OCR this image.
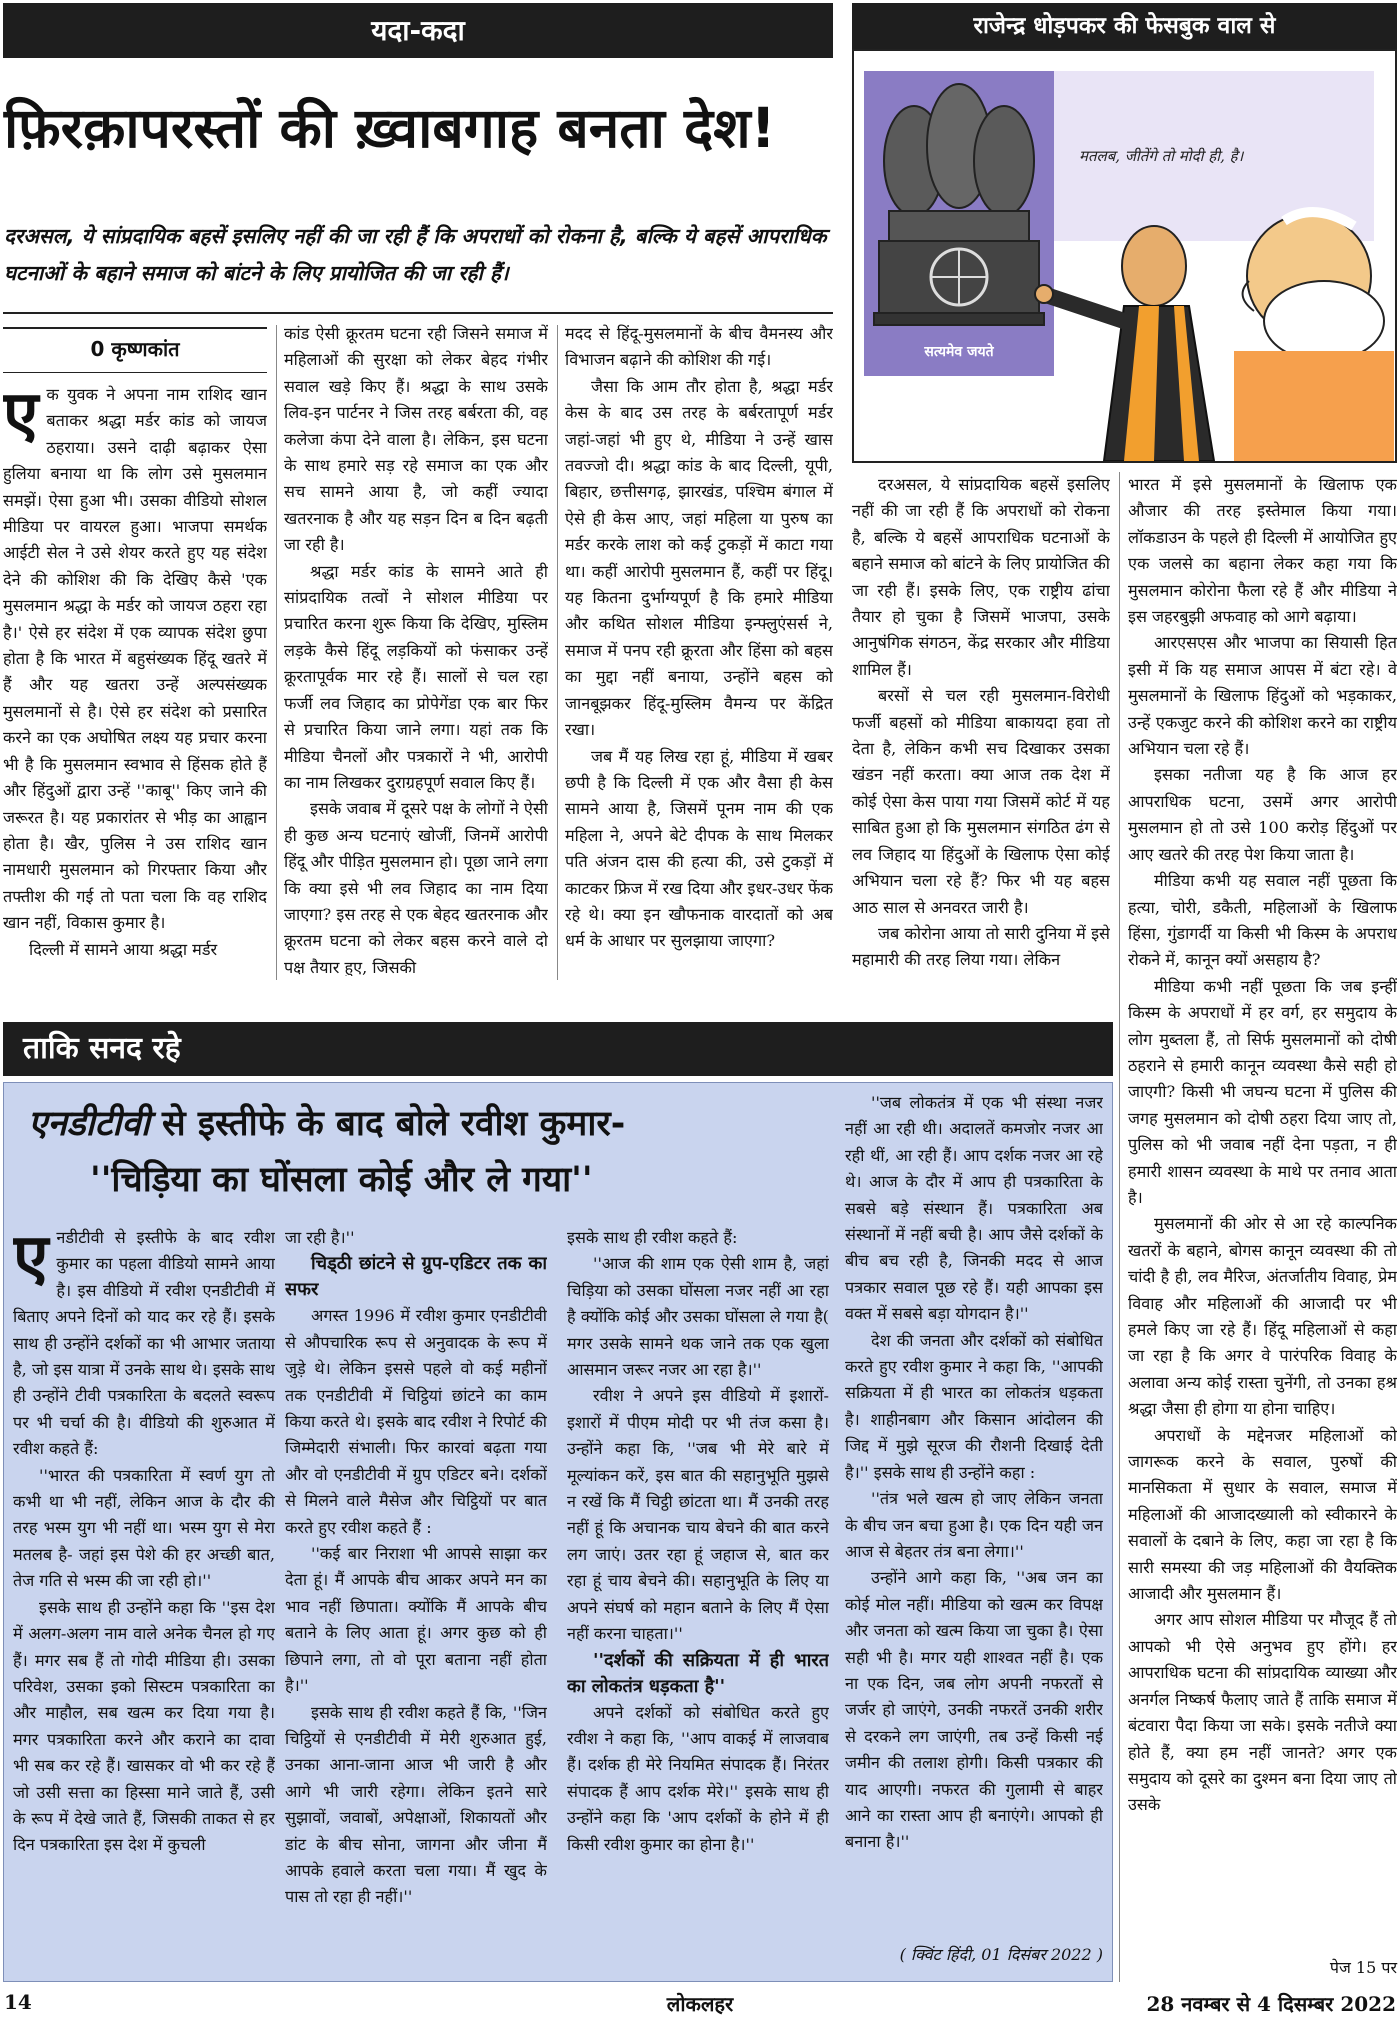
यदा-कदा
फ़िरक़ापरस्तों की ख़्वाबगाह बनता देश!
दरअसल, ये सांप्रदायिक बहसें इसलिए नहीं की जा रही हैं कि अपराधों को रोकना है, बल्कि ये बहसें आपराधिक घटनाओं के बहाने समाज को बांटने के लिए प्रायोजित की जा रही हैं।
0 कृष्णकांत

एक युवक ने अपना नाम राशिद खान बताकर श्रद्धा मर्डर कांड को जायज ठहराया। उसने दाढ़ी बढ़ाकर ऐसा हुलिया बनाया था कि लोग उसे मुसलमान समझें। ऐसा हुआ भी। उसका वीडियो सोशल मीडिया पर वायरल हुआ। भाजपा समर्थक आईटी सेल ने उसे शेयर करते हुए यह संदेश देने की कोशिश की कि देखिए कैसे 'एक मुसलमान श्रद्धा के मर्डर को जायज ठहरा रहा है।' ऐसे हर संदेश में एक व्यापक संदेश छुपा होता है कि भारत में बहुसंख्यक हिंदू खतरे में हैं और यह खतरा उन्हें अल्पसंख्यक मुसलमानों से है। ऐसे हर संदेश को प्रसारित करने का एक अघोषित लक्ष्य यह प्रचार करना भी है कि मुसलमान स्वभाव से हिंसक होते हैं और हिंदुओं द्वारा उन्हें ''काबू'' किए जाने की जरूरत है। यह प्रकारांतर से भीड़ का आह्वान होता है। खैर, पुलिस ने उस राशिद खान नामधारी मुसलमान को गिरफ्तार किया और तफ्तीश की गई तो पता चला कि वह राशिद खान नहीं, विकास कुमार है।

दिल्ली में सामने आया श्रद्धा मर्डर

कांड ऐसी क्रूरतम घटना रही जिसने समाज में महिलाओं की सुरक्षा को लेकर बेहद गंभीर सवाल खड़े किए हैं। श्रद्धा के साथ उसके लिव-इन पार्टनर ने जिस तरह बर्बरता की, वह कलेजा कंपा देने वाला है। लेकिन, इस घटना के साथ हमारे सड़ रहे समाज का एक और सच सामने आया है, जो कहीं ज्यादा खतरनाक है और यह सड़न दिन ब दिन बढ़ती जा रही है।

श्रद्धा मर्डर कांड के सामने आते ही सांप्रदायिक तत्वों ने सोशल मीडिया पर प्रचारित करना शुरू किया कि देखिए, मुस्लिम लड़के कैसे हिंदू लड़कियों को फंसाकर उन्हें क्रूरतापूर्वक मार रहे हैं। सालों से चल रहा फर्जी लव जिहाद का प्रोपेगेंडा एक बार फिर से प्रचारित किया जाने लगा। यहां तक कि मीडिया चैनलों और पत्रकारों ने भी, आरोपी का नाम लिखकर दुराग्रहपूर्ण सवाल किए हैं।

इसके जवाब में दूसरे पक्ष के लोगों ने ऐसी ही कुछ अन्य घटनाएं खोजीं, जिनमें आरोपी हिंदू और पीड़ित मुसलमान हो। पूछा जाने लगा कि क्या इसे भी लव जिहाद का नाम दिया जाएगा? इस तरह से एक बेहद खतरनाक और क्रूरतम घटना को लेकर बहस करने वाले दो पक्ष तैयार हुए, जिसकी

मदद से हिंदू-मुसलमानों के बीच वैमनस्य और विभाजन बढ़ाने की कोशिश की गई।

जैसा कि आम तौर होता है, श्रद्धा मर्डर केस के बाद उस तरह के बर्बरतापूर्ण मर्डर जहां-जहां भी हुए थे, मीडिया ने उन्हें खास तवज्जो दी। श्रद्धा कांड के बाद दिल्ली, यूपी, बिहार, छत्तीसगढ़, झारखंड, पश्चिम बंगाल में ऐसे ही केस आए, जहां महिला या पुरुष का मर्डर करके लाश को कई टुकड़ों में काटा गया था। कहीं आरोपी मुसलमान हैं, कहीं पर हिंदू। यह कितना दुर्भाग्यपूर्ण है कि हमारे मीडिया और कथित सोशल मीडिया इन्फ्लुएंसर्स ने, समाज में पनप रही क्रूरता और हिंसा को बहस का मुद्दा नहीं बनाया, उन्होंने बहस को जानबूझकर हिंदू-मुस्लिम वैमन्य पर केंद्रित रखा।

जब मैं यह लिख रहा हूं, मीडिया में खबर छपी है कि दिल्ली में एक और वैसा ही केस सामने आया है, जिसमें पूनम नाम की एक महिला ने, अपने बेटे दीपक के साथ मिलकर पति अंजन दास की हत्या की, उसे टुकड़ों में काटकर फ्रिज में रख दिया और इधर-उधर फेंक रहे थे। क्या इन खौफनाक वारदातों को अब धर्म के आधार पर सुलझाया जाएगा?

राजेन्द्र धोड़पकर की फेसबुक वाल से
मतलब, जीतेंगे तो मोदी ही, है।
सत्यमेव जयते

दरअसल, ये सांप्रदायिक बहसें इसलिए नहीं की जा रही हैं कि अपराधों को रोकना है, बल्कि ये बहसें आपराधिक घटनाओं के बहाने समाज को बांटने के लिए प्रायोजित की जा रही हैं। इसके लिए, एक राष्ट्रीय ढांचा तैयार हो चुका है जिसमें भाजपा, उसके आनुषंगिक संगठन, केंद्र सरकार और मीडिया शामिल हैं।

बरसों से चल रही मुसलमान-विरोधी फर्जी बहसों को मीडिया बाकायदा हवा तो देता है, लेकिन कभी सच दिखाकर उसका खंडन नहीं करता। क्या आज तक देश में कोई ऐसा केस पाया गया जिसमें कोर्ट में यह साबित हुआ हो कि मुसलमान संगठित ढंग से लव जिहाद या हिंदुओं के खिलाफ ऐसा कोई अभियान चला रहे हैं? फिर भी यह बहस आठ साल से अनवरत जारी है।

जब कोरोना आया तो सारी दुनिया में इसे महामारी की तरह लिया गया। लेकिन

भारत में इसे मुसलमानों के खिलाफ एक औजार की तरह इस्तेमाल किया गया। लॉकडाउन के पहले ही दिल्ली में आयोजित हुए एक जलसे का बहाना लेकर कहा गया कि मुसलमान कोरोना फैला रहे हैं और मीडिया ने इस जहरबुझी अफवाह को आगे बढ़ाया।

आरएसएस और भाजपा का सियासी हित इसी में कि यह समाज आपस में बंटा रहे। वे मुसलमानों के खिलाफ हिंदुओं को भड़काकर, उन्हें एकजुट करने की कोशिश करने का राष्ट्रीय अभियान चला रहे हैं।

इसका नतीजा यह है कि आज हर आपराधिक घटना, उसमें अगर आरोपी मुसलमान हो तो उसे 100 करोड़ हिंदुओं पर आए खतरे की तरह पेश किया जाता है।

मीडिया कभी यह सवाल नहीं पूछता कि हत्या, चोरी, डकैती, महिलाओं के खिलाफ हिंसा, गुंडागर्दी या किसी भी किस्म के अपराध रोकने में, कानून क्यों असहाय है?

मीडिया कभी नहीं पूछता कि जब इन्हीं किस्म के अपराधों में हर वर्ग, हर समुदाय के लोग मुब्तला हैं, तो सिर्फ मुसलमानों को दोषी ठहराने से हमारी कानून व्यवस्था कैसे सही हो जाएगी? किसी भी जघन्य घटना में पुलिस की जगह मुसलमान को दोषी ठहरा दिया जाए तो, पुलिस को भी जवाब नहीं देना पड़ता, न ही हमारी शासन व्यवस्था के माथे पर तनाव आता है।

मुसलमानों की ओर से आ रहे काल्पनिक खतरों के बहाने, बोगस कानून व्यवस्था की तो चांदी है ही, लव मैरिज, अंतर्जातीय विवाह, प्रेम विवाह और महिलाओं की आजादी पर भी हमले किए जा रहे हैं। हिंदू महिलाओं से कहा जा रहा है कि अगर वे पारंपरिक विवाह के अलावा अन्य कोई रास्ता चुनेंगी, तो उनका हश्र श्रद्धा जैसा ही होगा या होना चाहिए।

अपराधों के मद्देनजर महिलाओं को जागरूक करने के सवाल, पुरुषों की मानसिकता में सुधार के सवाल, समाज में महिलाओं की आजादख्याली को स्वीकारने के सवालों के दबाने के लिए, कहा जा रहा है कि सारी समस्या की जड़ महिलाओं की वैयक्तिक आजादी और मुसलमान हैं।

अगर आप सोशल मीडिया पर मौजूद हैं तो आपको भी ऐसे अनुभव हुए होंगे। हर आपराधिक घटना की सांप्रदायिक व्याख्या और अनर्गल निष्कर्ष फैलाए जाते हैं ताकि समाज में बंटवारा पैदा किया जा सके। इसके नतीजे क्या होते हैं, क्या हम नहीं जानते? अगर एक समुदाय को दूसरे का दुश्मन बना दिया जाए तो उसके

पेज 15 पर
ताकि सनद रहे
एनडीटीवी से इस्तीफे के बाद बोले रवीश कुमार-
''चिड़िया का घोंसला कोई और ले गया''

एनडीटीवी से इस्तीफे के बाद रवीश कुमार का पहला वीडियो सामने आया है। इस वीडियो में रवीश एनडीटीवी में बिताए अपने दिनों को याद कर रहे हैं। इसके साथ ही उन्होंने दर्शकों का भी आभार जताया है, जो इस यात्रा में उनके साथ थे। इसके साथ ही उन्होंने टीवी पत्रकारिता के बदलते स्वरूप पर भी चर्चा की है। वीडियो की शुरुआत में रवीश कहते हैं:

''भारत की पत्रकारिता में स्वर्ण युग तो कभी था भी नहीं, लेकिन आज के दौर की तरह भस्म युग भी नहीं था। भस्म युग से मेरा मतलब है- जहां इस पेशे की हर अच्छी बात, तेज गति से भस्म की जा रही हो।''

इसके साथ ही उन्होंने कहा कि ''इस देश में अलग-अलग नाम वाले अनेक चैनल हो गए हैं। मगर सब हैं तो गोदी मीडिया ही। उसका परिवेश, उसका इको सिस्टम पत्रकारिता का और माहौल, सब खत्म कर दिया गया है। मगर पत्रकारिता करने और कराने का दावा भी सब कर रहे हैं। खासकर वो भी कर रहे हैं जो उसी सत्ता का हिस्सा माने जाते हैं, उसी के रूप में देखे जाते हैं, जिसकी ताकत से हर दिन पत्रकारिता इस देश में कुचली

जा रही है।''

चिड्ठी छांटने से ग्रुप-एडिटर तक का सफर

अगस्त 1996 में रवीश कुमार एनडीटीवी से औपचारिक रूप से अनुवादक के रूप में जुड़े थे। लेकिन इससे पहले वो कई महीनों तक एनडीटीवी में चिट्ठियां छांटने का काम किया करते थे। इसके बाद रवीश ने रिपोर्ट की जिम्मेदारी संभाली। फिर कारवां बढ़ता गया और वो एनडीटीवी में ग्रुप एडिटर बने। दर्शकों से मिलने वाले मैसेज और चिट्ठियों पर बात करते हुए रवीश कहते हैं :

''कई बार निराशा भी आपसे साझा कर देता हूं। मैं आपके बीच आकर अपने मन का भाव नहीं छिपाता। क्योंकि मैं आपके बीच बताने के लिए आता हूं। अगर कुछ को ही छिपाने लगा, तो वो पूरा बताना नहीं होता है।''

इसके साथ ही रवीश कहते हैं कि, ''जिन चिट्ठियों से एनडीटीवी में मेरी शुरुआत हुई, उनका आना-जाना आज भी जारी है और आगे भी जारी रहेगा। लेकिन इतने सारे सुझावों, जवाबों, अपेक्षाओं, शिकायतों और डांट के बीच सोना, जागना और जीना मैं आपके हवाले करता चला गया। मैं खुद के पास तो रहा ही नहीं।''

इसके साथ ही रवीश कहते हैं:

''आज की शाम एक ऐसी शाम है, जहां चिड़िया को उसका घोंसला नजर नहीं आ रहा है क्योंकि कोई और उसका घोंसला ले गया है( मगर उसके सामने थक जाने तक एक खुला आसमान जरूर नजर आ रहा है।''

रवीश ने अपने इस वीडियो में इशारों-इशारों में पीएम मोदी पर भी तंज कसा है। उन्होंने कहा कि, ''जब भी मेरे बारे में मूल्यांकन करें, इस बात की सहानुभूति मुझसे न रखें कि मैं चिट्ठी छांटता था। मैं उनकी तरह नहीं हूं कि अचानक चाय बेचने की बात करने लग जाएं। उतर रहा हूं जहाज से, बात कर रहा हूं चाय बेचने की। सहानुभूति के लिए या अपने संघर्ष को महान बताने के लिए मैं ऐसा नहीं करना चाहता।''

''दर्शकों की सक्रियता में ही भारत का लोकतंत्र धड़कता है''

अपने दर्शकों को संबोधित करते हुए रवीश ने कहा कि, ''आप वाकई में लाजवाब हैं। दर्शक ही मेरे नियमित संपादक हैं। निरंतर संपादक हैं आप दर्शक मेरे।'' इसके साथ ही उन्होंने कहा कि 'आप दर्शकों के होने में ही किसी रवीश कुमार का होना है।''

''जब लोकतंत्र में एक भी संस्था नजर नहीं आ रही थी। अदालतें कमजोर नजर आ रही थीं, आ रही हैं। आप दर्शक नजर आ रहे थे। आज के दौर में आप ही पत्रकारिता के सबसे बड़े संस्थान हैं। पत्रकारिता अब संस्थानों में नहीं बची है। आप जैसे दर्शकों के बीच बच रही है, जिनकी मदद से आज पत्रकार सवाल पूछ रहे हैं। यही आपका इस वक्त में सबसे बड़ा योगदान है।''

देश की जनता और दर्शकों को संबोधित करते हुए रवीश कुमार ने कहा कि, ''आपकी सक्रियता में ही भारत का लोकतंत्र धड़कता है। शाहीनबाग और किसान आंदोलन की जिद्द में मुझे सूरज की रौशनी दिखाई देती है।'' इसके साथ ही उन्होंने कहा :

''तंत्र भले खत्म हो जाए लेकिन जनता के बीच जन बचा हुआ है। एक दिन यही जन आज से बेहतर तंत्र बना लेगा।''

उन्होंने आगे कहा कि, ''अब जन का कोई मोल नहीं। मीडिया को खत्म कर विपक्ष और जनता को खत्म किया जा चुका है। ऐसा सही भी है। मगर यही शाश्वत नहीं है। एक ना एक दिन, जब लोग अपनी नफरतों से जर्जर हो जाएंगे, उनकी नफरतें उनकी शरीर से दरकने लग जाएंगी, तब उन्हें किसी नई जमीन की तलाश होगी। किसी पत्रकार की याद आएगी। नफरत की गुलामी से बाहर आने का रास्ता आप ही बनाएंगे। आपको ही बनाना है।''

( क्विंट हिंदी, 01 दिसंबर 2022 )
14	लोकलहर	28 नवम्बर से 4 दिसम्बर 2022
